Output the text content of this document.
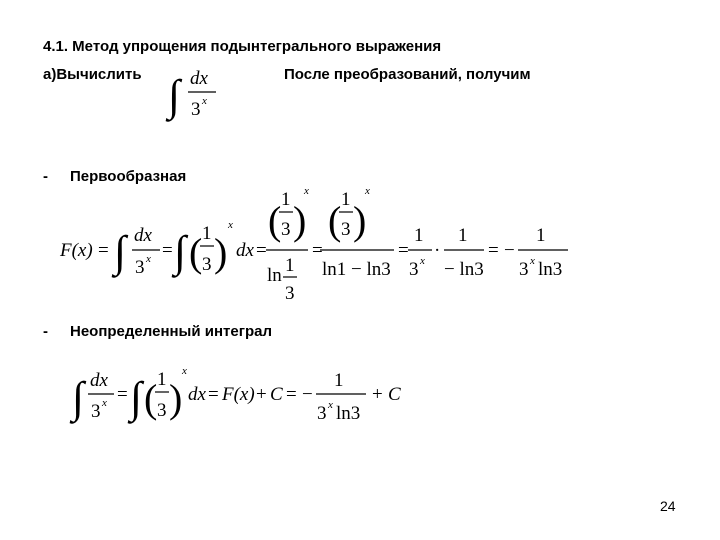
4.1. Метод упрощения подынтегрального выражения
а)Вычислить	После преобразований, получим
- Первообразная
- Неопределенный интеграл
24
∫ dx
3 x
F(x) = ∫ dx
3 x = ∫ ( 1
3 )
x
dx =
( 1
3 )
x
ln 1
3
=
( 1
3 )
x
ln1 − ln3
=
1
3 x ·
1
− ln3
= −
1
3 x ln3
∫ dx
3 x = ∫ ( 1
3 )
x
dx = F(x) + C = −
1
3 x ln3
+ C
